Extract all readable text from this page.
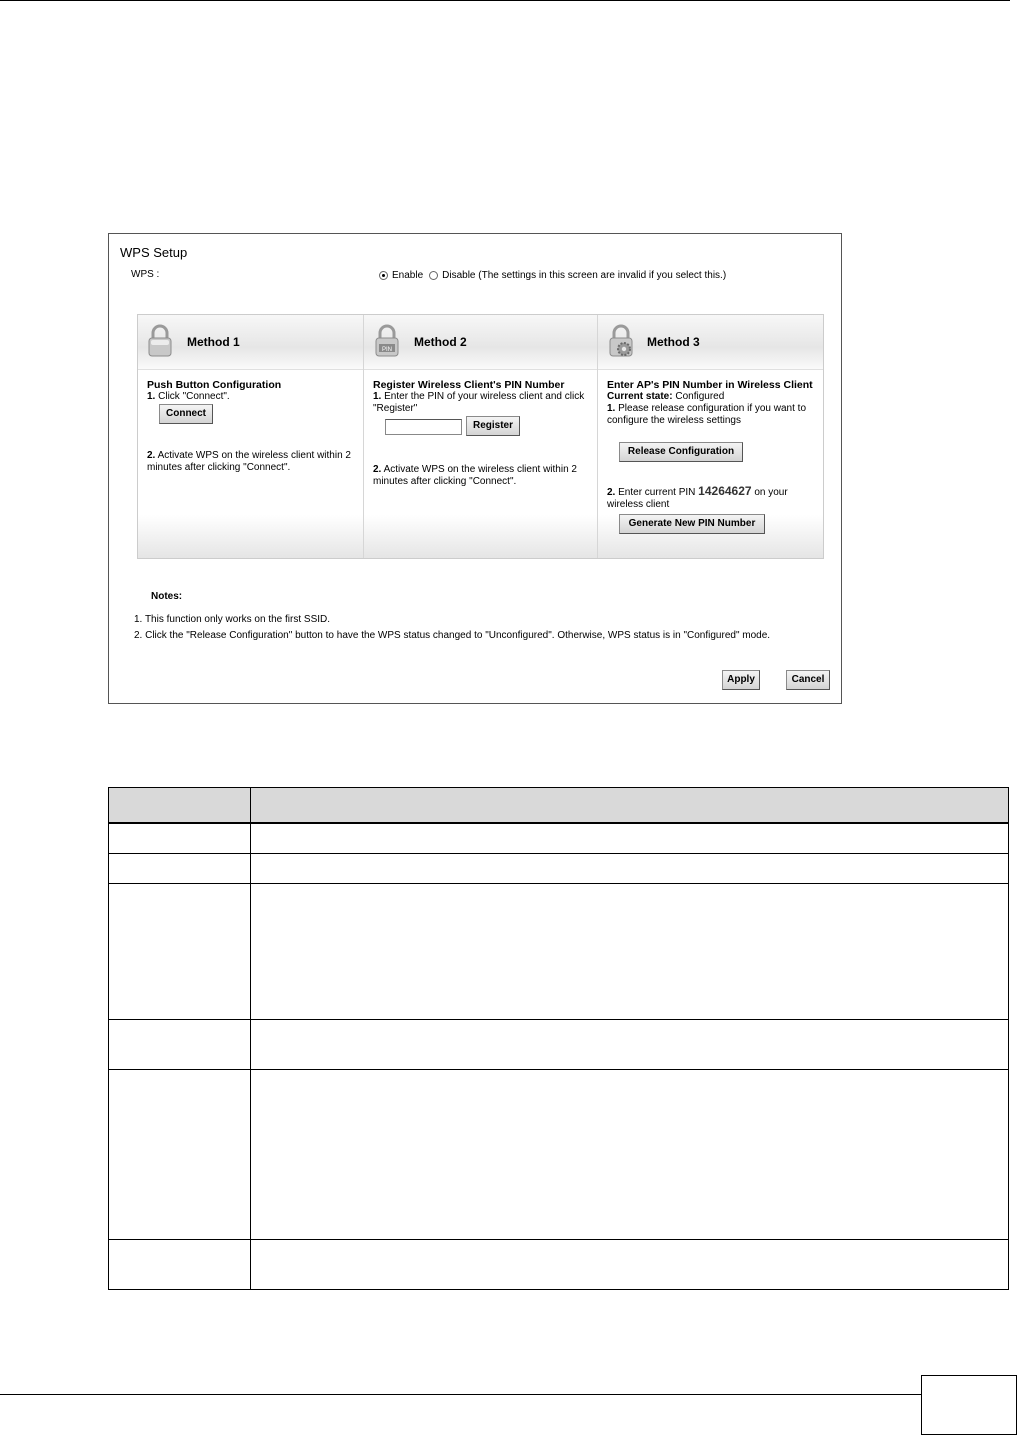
WPS Setup
WPS :	Enable Disable (The settings in this screen are invalid if you select this.)
Method 1
Push Button Configuration
1. Click "Connect".
Connect
2. Activate WPS on the wireless client within 2 minutes after clicking "Connect".
PIN
Method 2
Register Wireless Client's PIN Number
1. Enter the PIN of your wireless client and click "Register"
Register
2. Activate WPS on the wireless client within 2 minutes after clicking "Connect".
Method 3
Enter AP's PIN Number in Wireless Client
Current state: Configured
1. Please release configuration if you want to configure the wireless settings
Release Configuration
2. Enter current PIN 14264627 on your wireless client
Generate New PIN Number
Notes:
1. This function only works on the first SSID.
2. Click the "Release Configuration" button to have the WPS status changed to "Unconfigured". Otherwise, WPS status is in "Configured" mode.
Apply	Cancel
